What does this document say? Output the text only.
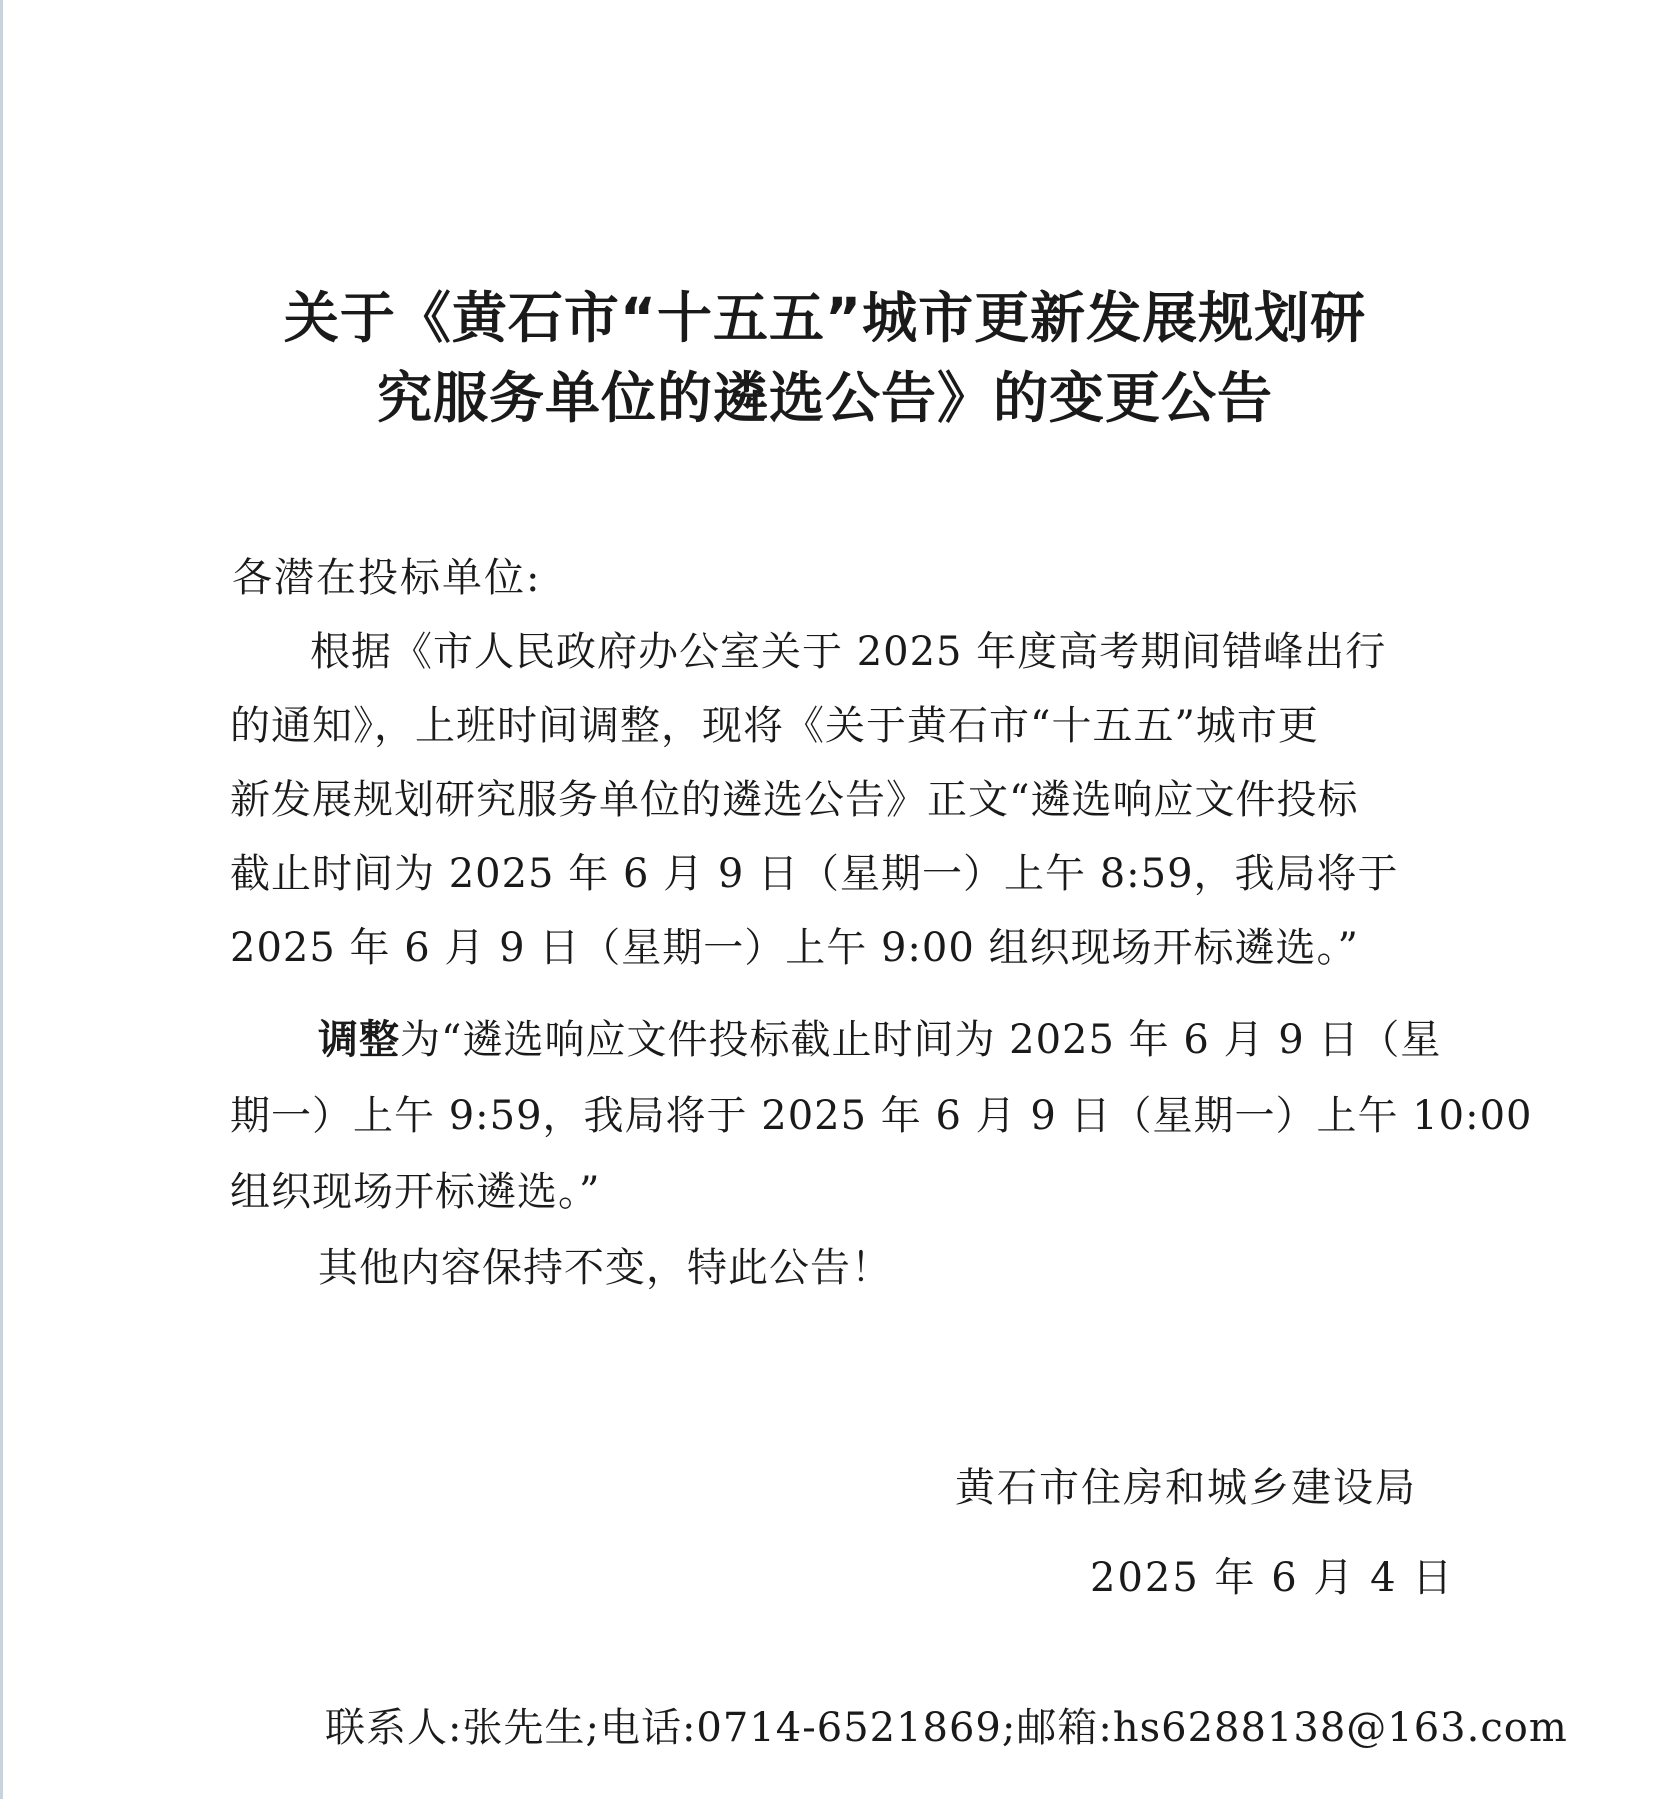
关于《黄石市“十五五”城市更新发展规划研
究服务单位的遴选公告》的变更公告
各潜在投标单位:
根据《市人民政府办公室关于 2025 年度高考期间错峰出行
的通知》，上班时间调整，现将《关于黄石市“十五五”城市更
新发展规划研究服务单位的遴选公告》正文“遴选响应文件投标
截止时间为 2025 年 6 月 9 日（星期一）上午 8:59，我局将于
2025 年 6 月 9 日（星期一）上午 9:00 组织现场开标遴选。”
调整为“遴选响应文件投标截止时间为 2025 年 6 月 9 日（星
期一）上午 9:59，我局将于 2025 年 6 月 9 日（星期一）上午 10:00
组织现场开标遴选。”
其他内容保持不变，特此公告！
黄石市住房和城乡建设局
2025 年 6 月 4 日
联系人:张先生;电话:0714-6521869;邮箱:hs6288138@163.com
